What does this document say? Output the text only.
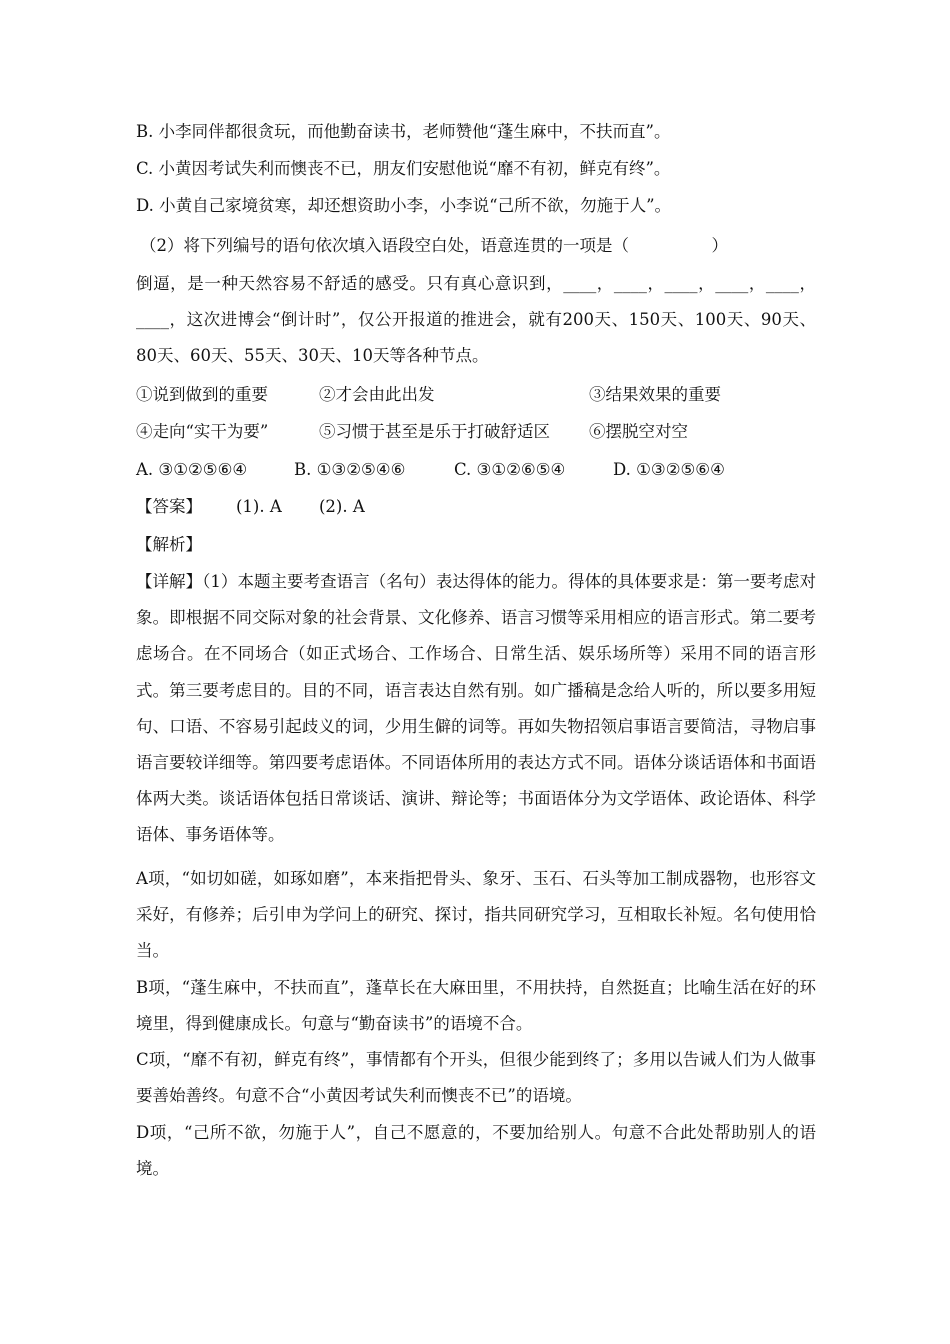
B. 小李同伴都很贪玩，而他勤奋读书，老师赞他“蓬生麻中，不扶而直”。
C. 小黄因考试失利而懊丧不已，朋友们安慰他说“靡不有初，鲜克有终”。
D. 小黄自己家境贫寒，却还想资助小李，小李说“己所不欲，勿施于人”。
（2）将下列编号的语句依次填入语段空白处，语意连贯的一项是（　　　　　）
倒逼，是一种天然容易不舒适的感受。只有真心意识到，____，____，____，____，____，____，这次进博会“倒计时”，仅公开报道的推进会，就有200天、150天、100天、90天、80天、60天、55天、30天、10天等各种节点。
①说到做到的重要	②才会由此出发	③结果效果的重要
④走向“实干为要”	⑤习惯于甚至是乐于打破舒适区 ⑥摆脱空对空
A. ③①②⑤⑥④	B. ①③②⑤④⑥	C. ③①②⑥⑤④	D. ①③②⑤⑥④
【答案】 (1). A (2). A
【解析】
【详解】（1）本题主要考查语言（名句）表达得体的能力。得体的具体要求是：第一要考虑对象。即根据不同交际对象的社会背景、文化修养、语言习惯等采用相应的语言形式。第二要考虑场合。在不同场合（如正式场合、工作场合、日常生活、娱乐场所等）采用不同的语言形式。第三要考虑目的。目的不同，语言表达自然有别。如广播稿是念给人听的，所以要多用短句、口语、不容易引起歧义的词，少用生僻的词等。再如失物招领启事语言要简洁，寻物启事语言要较详细等。第四要考虑语体。不同语体所用的表达方式不同。语体分谈话语体和书面语体两大类。谈话语体包括日常谈话、演讲、辩论等；书面语体分为文学语体、政论语体、科学语体、事务语体等。
A项，“如切如磋，如琢如磨”，本来指把骨头、象牙、玉石、石头等加工制成器物，也形容文采好，有修养；后引申为学问上的研究、探讨，指共同研究学习，互相取长补短。名句使用恰当。
B项，“蓬生麻中，不扶而直”，蓬草长在大麻田里，不用扶持，自然挺直；比喻生活在好的环境里，得到健康成长。句意与“勤奋读书”的语境不合。
C项，“靡不有初，鲜克有终”，事情都有个开头，但很少能到终了；多用以告诫人们为人做事要善始善终。句意不合“小黄因考试失利而懊丧不已”的语境。
D项，“己所不欲，勿施于人”，自己不愿意的，不要加给别人。句意不合此处帮助别人的语境。
